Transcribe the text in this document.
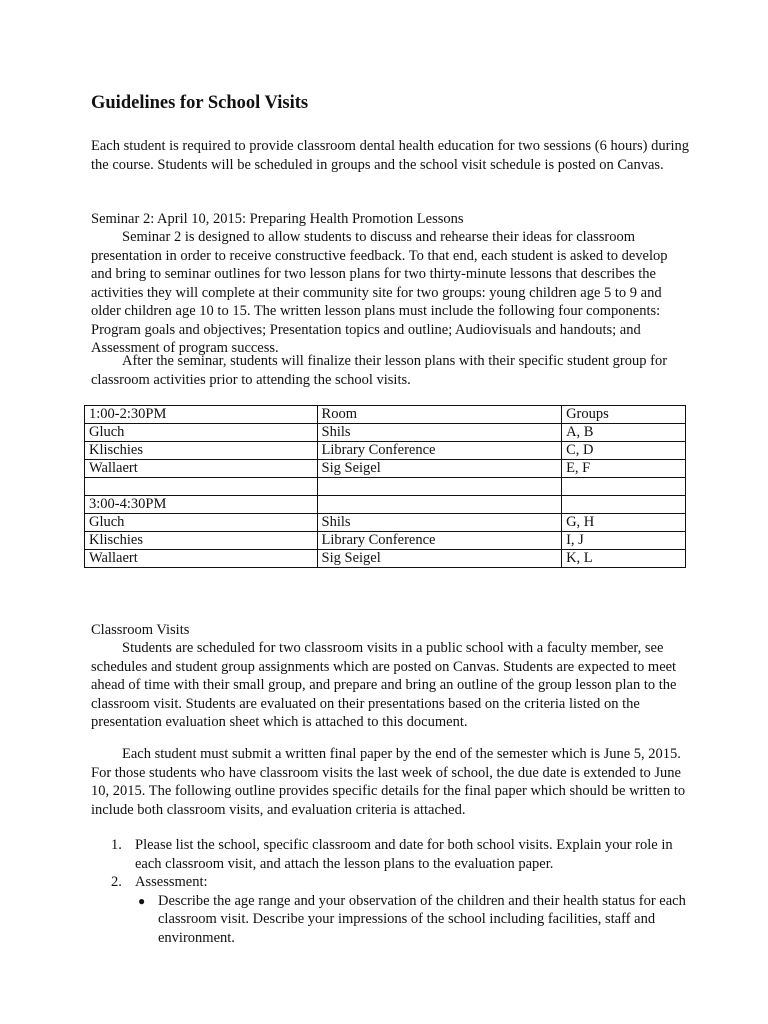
Guidelines for School Visits

Each student is required to provide classroom dental health education for two sessions (6 hours) during the course. Students will be scheduled in groups and the school visit schedule is posted on Canvas.

Seminar 2: April 10, 2015: Preparing Health Promotion Lessons

Seminar 2 is designed to allow students to discuss and rehearse their ideas for classroom presentation in order to receive constructive feedback. To that end, each student is asked to develop and bring to seminar outlines for two lesson plans for two thirty-minute lessons that describes the activities they will complete at their community site for two groups: young children age 5 to 9 and older children age 10 to 15. The written lesson plans must include the following four components: Program goals and objectives; Presentation topics and outline; Audiovisuals and handouts; and Assessment of program success.

After the seminar, students will finalize their lesson plans with their specific student group for classroom activities prior to attending the school visits.

1:00-2:30PM	Room	Groups
Gluch	Shils	A, B
Klischies	Library Conference	C, D
Wallaert	Sig Seigel	E, F

3:00-4:30PM		
Gluch	Shils	G, H
Klischies	Library Conference	I, J
Wallaert	Sig Seigel	K, L

Classroom Visits

Students are scheduled for two classroom visits in a public school with a faculty member, see schedules and student group assignments which are posted on Canvas. Students are expected to meet ahead of time with their small group, and prepare and bring an outline of the group lesson plan to the classroom visit. Students are evaluated on their presentations based on the criteria listed on the presentation evaluation sheet which is attached to this document.

Each student must submit a written final paper by the end of the semester which is June 5, 2015. For those students who have classroom visits the last week of school, the due date is extended to June 10, 2015. The following outline provides specific details for the final paper which should be written to include both classroom visits, and evaluation criteria is attached.

1. Please list the school, specific classroom and date for both school visits. Explain your role in each classroom visit, and attach the lesson plans to the evaluation paper.
2. Assessment:
● Describe the age range and your observation of the children and their health status for each classroom visit. Describe your impressions of the school including facilities, staff and environment.
